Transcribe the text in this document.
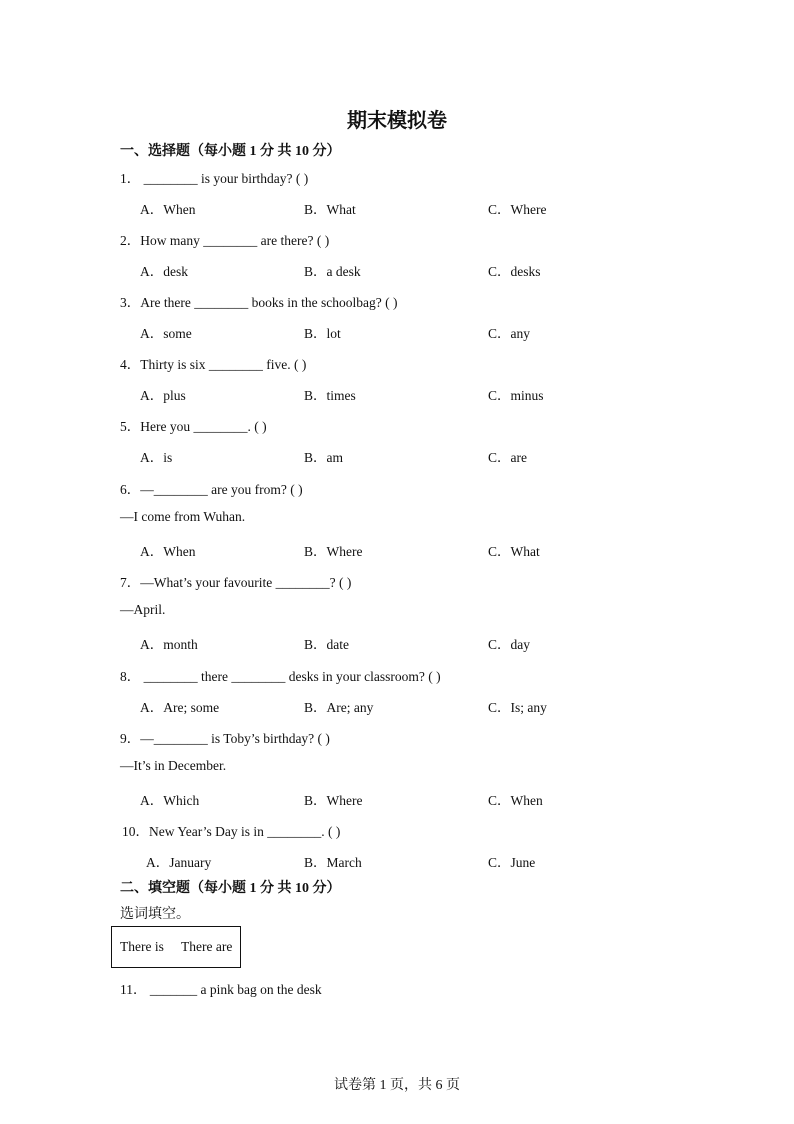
期末模拟卷
一、选择题（每小题 1 分 共 10 分）
1． ________ is your birthday? ( )
A．When	B．What	C．Where
2．How many ________ are there? ( )
A．desk	B．a desk	C．desks
3．Are there ________ books in the schoolbag? ( )
A．some	B．lot	C．any
4．Thirty is six ________ five. ( )
A．plus	B．times	C．minus
5．Here you ________. ( )
A．is	B．am	C．are
6．—________ are you from? ( )
—I come from Wuhan.
A．When	B．Where	C．What
7．—What’s your favourite ________? ( )
—April.
A．month	B．date	C．day
8． ________ there ________ desks in your classroom? ( )
A．Are; some	B．Are; any	C．Is; any
9．—________ is Toby’s birthday? ( )
—It’s in December.
A．Which	B．Where	C．When
10．New Year’s Day is in ________. ( )
A．January	B．March	C．June
二、填空题（每小题 1 分 共 10 分）
选词填空。
There is There are
11． _______ a pink bag on the desk
试卷第 1 页，共 6 页
